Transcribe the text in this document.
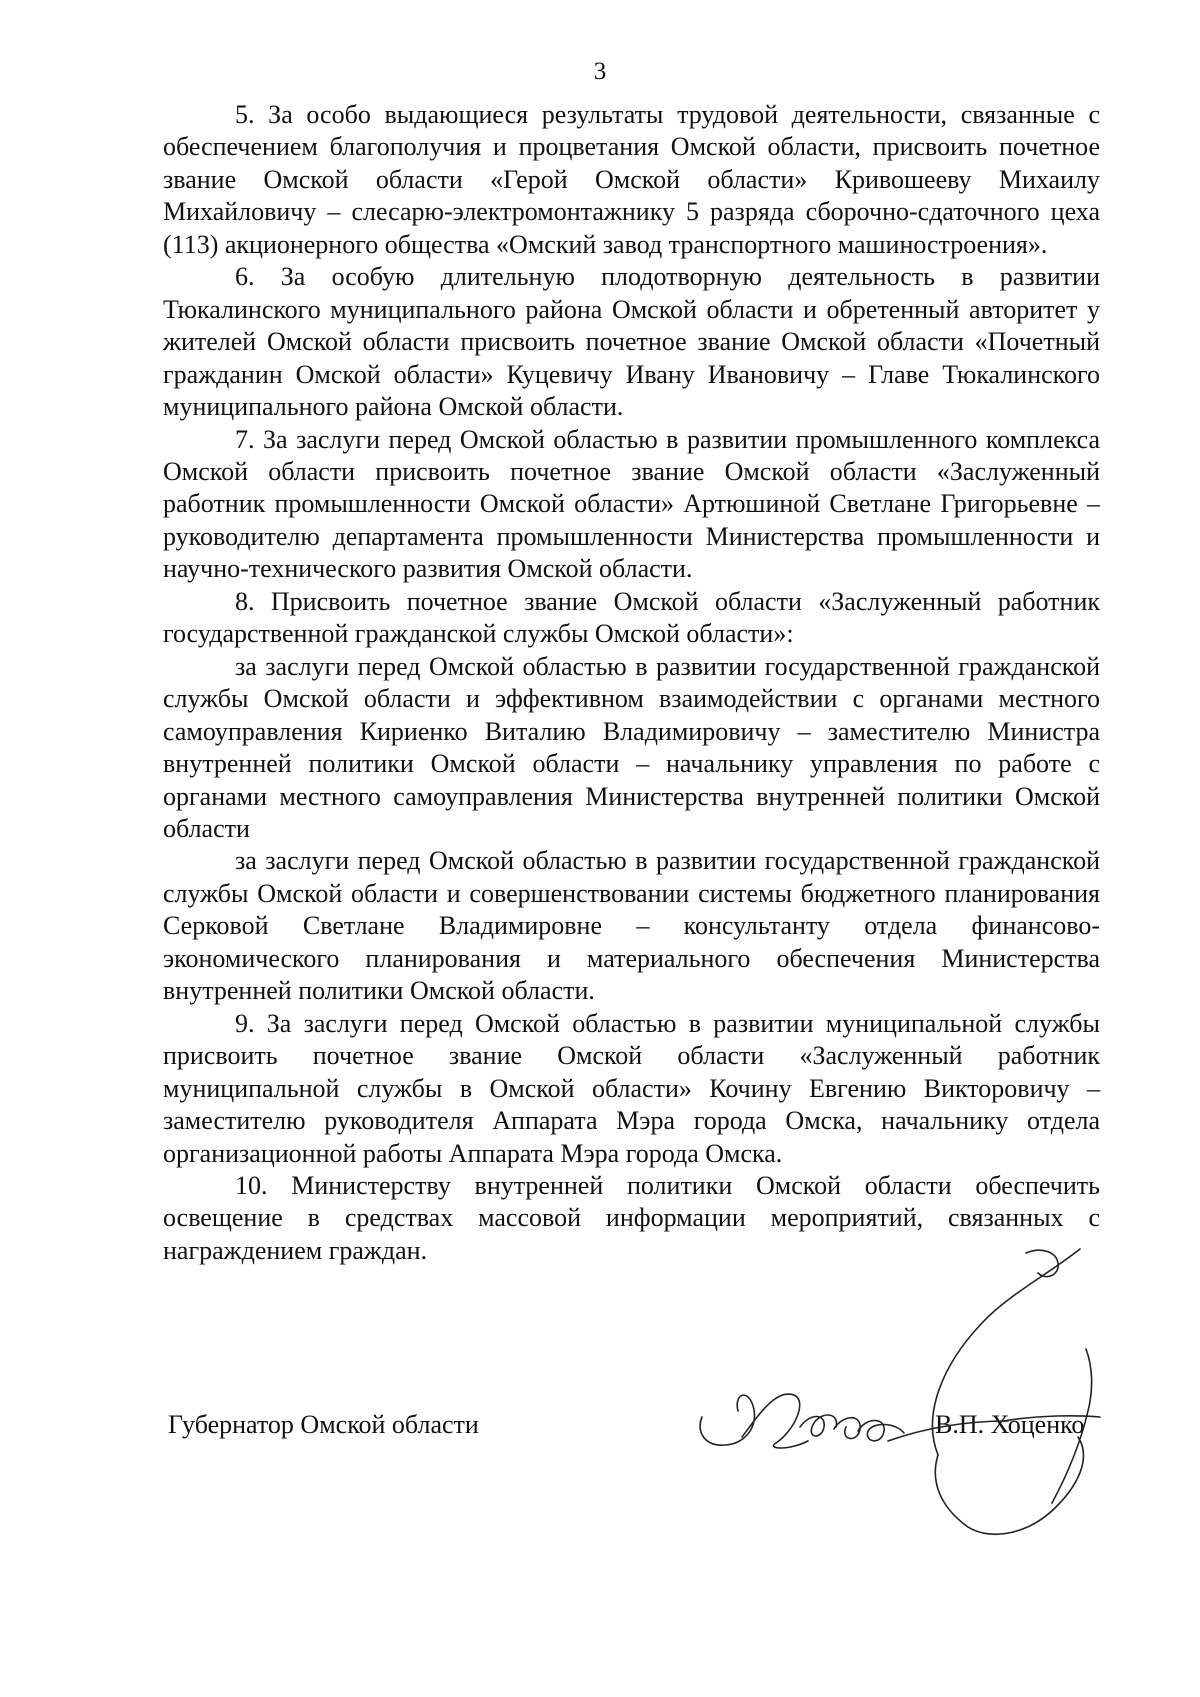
3

5. За особо выдающиеся результаты трудовой деятельности, связанные с обеспечением благополучия и процветания Омской области, присвоить почетное звание Омской области «Герой Омской области» Кривошееву Михаилу Михайловичу – слесарю-электромонтажнику 5 разряда сборочно-сдаточного цеха (113) акционерного общества «Омский завод транспортного машиностроения».

6. За особую длительную плодотворную деятельность в развитии Тюкалинского муниципального района Омской области и обретенный авторитет у жителей Омской области присвоить почетное звание Омской области «Почетный гражданин Омской области» Куцевичу Ивану Ивановичу – Главе Тюкалинского муниципального района Омской области.

7. За заслуги перед Омской областью в развитии промышленного комплекса Омской области присвоить почетное звание Омской области «Заслуженный работник промышленности Омской области» Артюшиной Светлане Григорьевне – руководителю департамента промышленности Министерства промышленности и научно-технического развития Омской области.

8. Присвоить почетное звание Омской области «Заслуженный работник государственной гражданской службы Омской области»:

за заслуги перед Омской областью в развитии государственной гражданской службы Омской области и эффективном взаимодействии с органами местного самоуправления Кириенко Виталию Владимировичу – заместителю Министра внутренней политики Омской области – начальнику управления по работе с органами местного самоуправления Министерства внутренней политики Омской области

за заслуги перед Омской областью в развитии государственной гражданской службы Омской области и совершенствовании системы бюджетного планирования Серковой Светлане Владимировне – консультанту отдела финансово-экономического планирования и материального обеспечения Министерства внутренней политики Омской области.

9. За заслуги перед Омской областью в развитии муниципальной службы присвоить почетное звание Омской области «Заслуженный работник муниципальной службы в Омской области» Кочину Евгению Викторовичу – заместителю руководителя Аппарата Мэра города Омска, начальнику отдела организационной работы Аппарата Мэра города Омска.

10. Министерству внутренней политики Омской области обеспечить освещение в средствах массовой информации мероприятий, связанных с награждением граждан.

Губернатор Омской области	В.П. Хоценко
